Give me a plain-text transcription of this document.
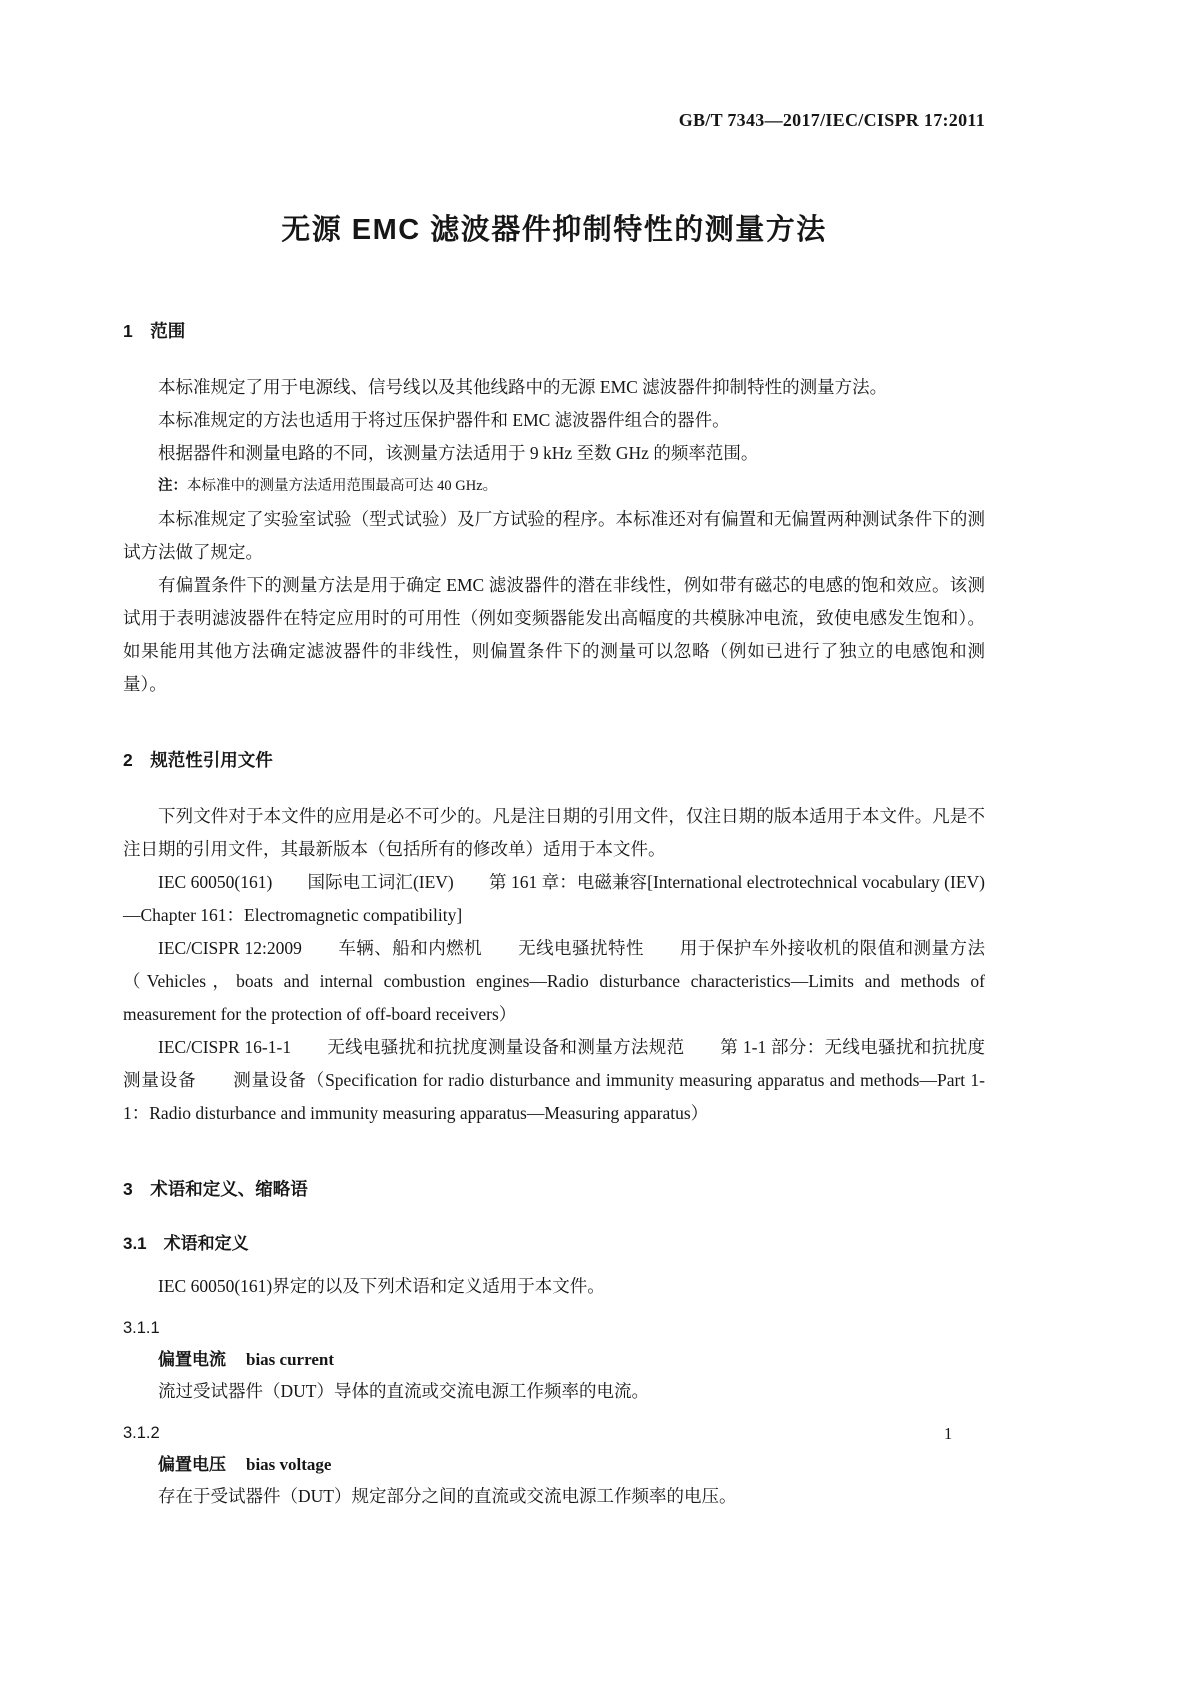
GB/T 7343—2017/IEC/CISPR 17:2011
无源 EMC 滤波器件抑制特性的测量方法
1　范围

本标准规定了用于电源线、信号线以及其他线路中的无源 EMC 滤波器件抑制特性的测量方法。

本标准规定的方法也适用于将过压保护器件和 EMC 滤波器件组合的器件。

根据器件和测量电路的不同，该测量方法适用于 9 kHz 至数 GHz 的频率范围。

注：本标准中的测量方法适用范围最高可达 40 GHz。

本标准规定了实验室试验（型式试验）及厂方试验的程序。本标准还对有偏置和无偏置两种测试条件下的测试方法做了规定。

有偏置条件下的测量方法是用于确定 EMC 滤波器件的潜在非线性，例如带有磁芯的电感的饱和效应。该测试用于表明滤波器件在特定应用时的可用性（例如变频器能发出高幅度的共模脉冲电流，致使电感发生饱和）。如果能用其他方法确定滤波器件的非线性，则偏置条件下的测量可以忽略（例如已进行了独立的电感饱和测量）。

2　规范性引用文件

下列文件对于本文件的应用是必不可少的。凡是注日期的引用文件，仅注日期的版本适用于本文件。凡是不注日期的引用文件，其最新版本（包括所有的修改单）适用于本文件。

IEC 60050(161)　　国际电工词汇(IEV)　　第 161 章：电磁兼容[International electrotechnical vocabulary (IEV)—Chapter 161：Electromagnetic compatibility]

IEC/CISPR 12:2009　　车辆、船和内燃机　　无线电骚扰特性　　用于保护车外接收机的限值和测量方法（Vehicles，boats and internal combustion engines—Radio disturbance characteristics—Limits and methods of measurement for the protection of off-board receivers）

IEC/CISPR 16-1-1　　无线电骚扰和抗扰度测量设备和测量方法规范　　第 1-1 部分：无线电骚扰和抗扰度测量设备　　测量设备（Specification for radio disturbance and immunity measuring apparatus and methods—Part 1-1：Radio disturbance and immunity measuring apparatus—Measuring apparatus）

3　术语和定义、缩略语
3.1　术语和定义

IEC 60050(161)界定的以及下列术语和定义适用于本文件。

3.1.1

偏置电流 bias current

流过受试器件（DUT）导体的直流或交流电源工作频率的电流。

3.1.2

偏置电压 bias voltage

存在于受试器件（DUT）规定部分之间的直流或交流电源工作频率的电压。

1
